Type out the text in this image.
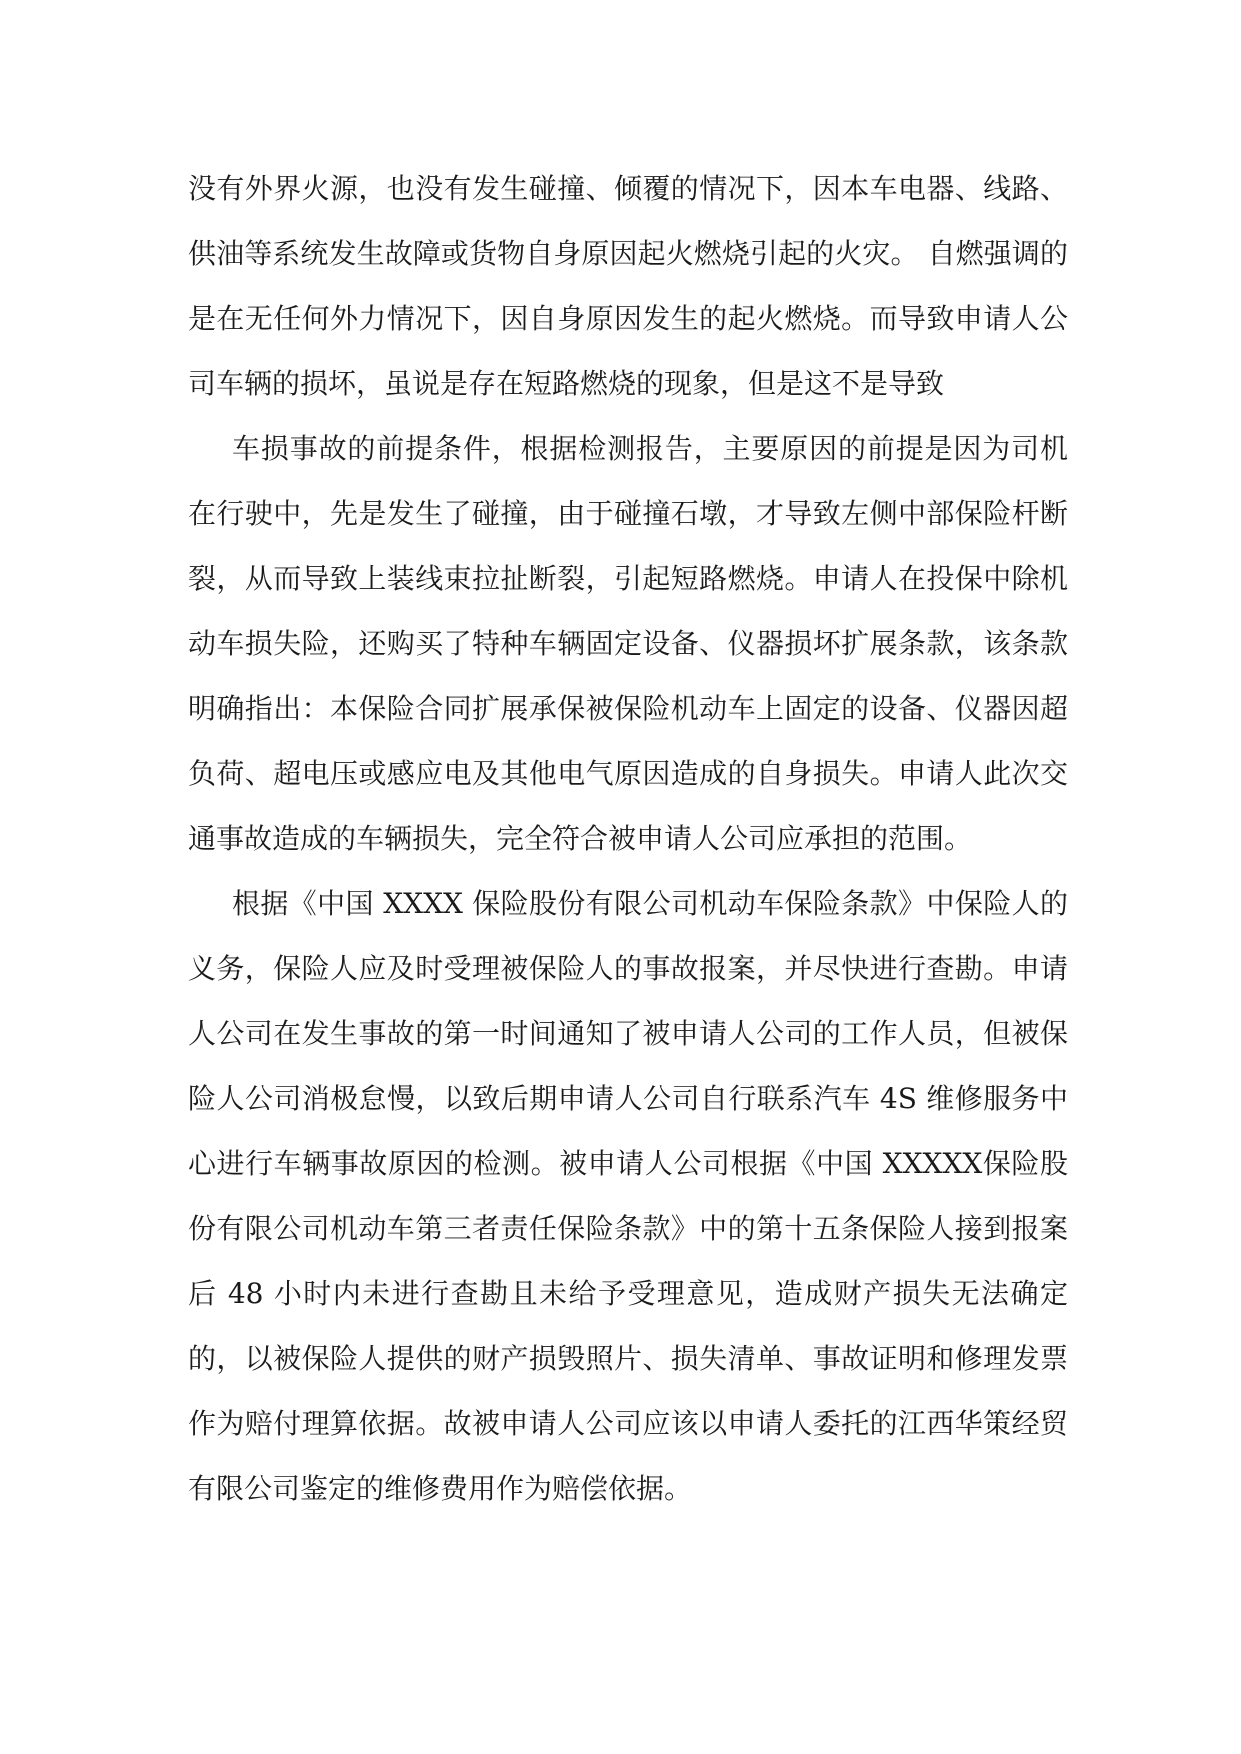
没有外界火源，也没有发生碰撞、倾覆的情况下，因本车电器、线路、供油等系统发生故障或货物自身原因起火燃烧引起的火灾。 自燃强调的是在无任何外力情况下，因自身原因发生的起火燃烧。而导致申请人公司车辆的损坏，虽说是存在短路燃烧的现象，但是这不是导致

车损事故的前提条件，根据检测报告，主要原因的前提是因为司机在行驶中，先是发生了碰撞，由于碰撞石墩，才导致左侧中部保险杆断裂，从而导致上装线束拉扯断裂，引起短路燃烧。申请人在投保中除机动车损失险，还购买了特种车辆固定设备、仪器损坏扩展条款，该条款明确指出：本保险合同扩展承保被保险机动车上固定的设备、仪器因超负荷、超电压或感应电及其他电气原因造成的自身损失。申请人此次交通事故造成的车辆损失，完全符合被申请人公司应承担的范围。

根据《中国 XXXX 保险股份有限公司机动车保险条款》中保险人的义务，保险人应及时受理被保险人的事故报案，并尽快进行查勘。申请人公司在发生事故的第一时间通知了被申请人公司的工作人员，但被保险人公司消极怠慢，以致后期申请人公司自行联系汽车 4S 维修服务中心进行车辆事故原因的检测。被申请人公司根据《中国 XXXXX保险股份有限公司机动车第三者责任保险条款》中的第十五条保险人接到报案后 48 小时内未进行查勘且未给予受理意见，造成财产损失无法确定的，以被保险人提供的财产损毁照片、损失清单、事故证明和修理发票作为赔付理算依据。故被申请人公司应该以申请人委托的江西华策经贸有限公司鉴定的维修费用作为赔偿依据。
